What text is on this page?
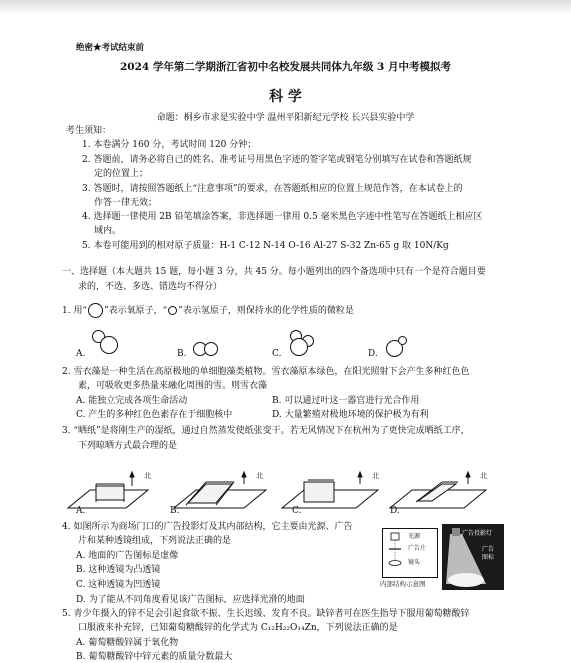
绝密★考试结束前
2024 学年第二学期浙江省初中名校发展共同体九年级 3 月中考模拟考
科 学
命题：桐乡市求是实验中学 温州平阳新纪元学校 长兴县实验中学
考生须知：
1. 本卷满分 160 分，考试时间 120 分钟；
2. 答题前，请务必将自己的姓名、准考证号用黑色字迹的签字笔或钢笔分别填写在试卷和答题纸规
定的位置上；
3. 答题时，请按照答题纸上“注意事项”的要求，在答题纸相应的位置上规范作答，在本试卷上的
作答一律无效；
4. 选择题一律使用 2B 铅笔填涂答案，非选择题一律用 0.5 毫米黑色字迹中性笔写在答题纸上相应区
域内。
5. 本卷可能用到的相对原子质量：H-1 C-12 N-14 O-16 Al-27 S-32 Zn-65 g 取 10N/Kg
一、选择题（本大题共 15 题，每小题 3 分，共 45 分。每小题列出的四个备选项中只有一个是符合题目要
求的，不选、多选、错选均不得分）
1. 用“ ”表示氧原子，“ ”表示氢原子，则保持水的化学性质的微粒是
A.	B.	C.	D.
2. 雪衣藻是一种生活在高原极地的单细胞藻类植物。雪衣藻原本绿色，在阳光照射下会产生多种红色色
素，可吸收更多热量来融化周围的雪。则雪衣藻
A. 能独立完成各项生命活动	B. 可以通过叶这一器官进行光合作用
C. 产生的多种红色色素存在于细胞核中	D. 大量繁殖对极地环境的保护极为有利
3. “晒纸”是将刚生产的湿纸，通过自然蒸发使纸张变干。若无风情况下在杭州为了更快完成晒纸工序，
下列晾晒方式最合理的是
北	北	北	北
A.	B.	C.	D.
4. 如图所示为商场门口的广告投影灯及其内部结构，它主要由光源、广告
片和某种透镜组成，下列说法正确的是
A. 地面的广告图标是虚像
B. 这种透镜为凸透镜
C. 这种透镜为凹透镜
D. 为了能从不同角度看见该广告图标，应选择光滑的地面
光源
广告片
镜头
内部结构示意图
广告投影灯
广告
图标
5. 青少年摄入的锌不足会引起食欲不振、生长迟缓、发育不良。缺锌者可在医生指导下服用葡萄糖酸锌
口服液来补充锌，已知葡萄糖酸锌的化学式为 C₁₂H₂₂O₁₄Zn，下列说法正确的是
A. 葡萄糖酸锌属于氧化物
B. 葡萄糖酸锌中锌元素的质量分数最大
